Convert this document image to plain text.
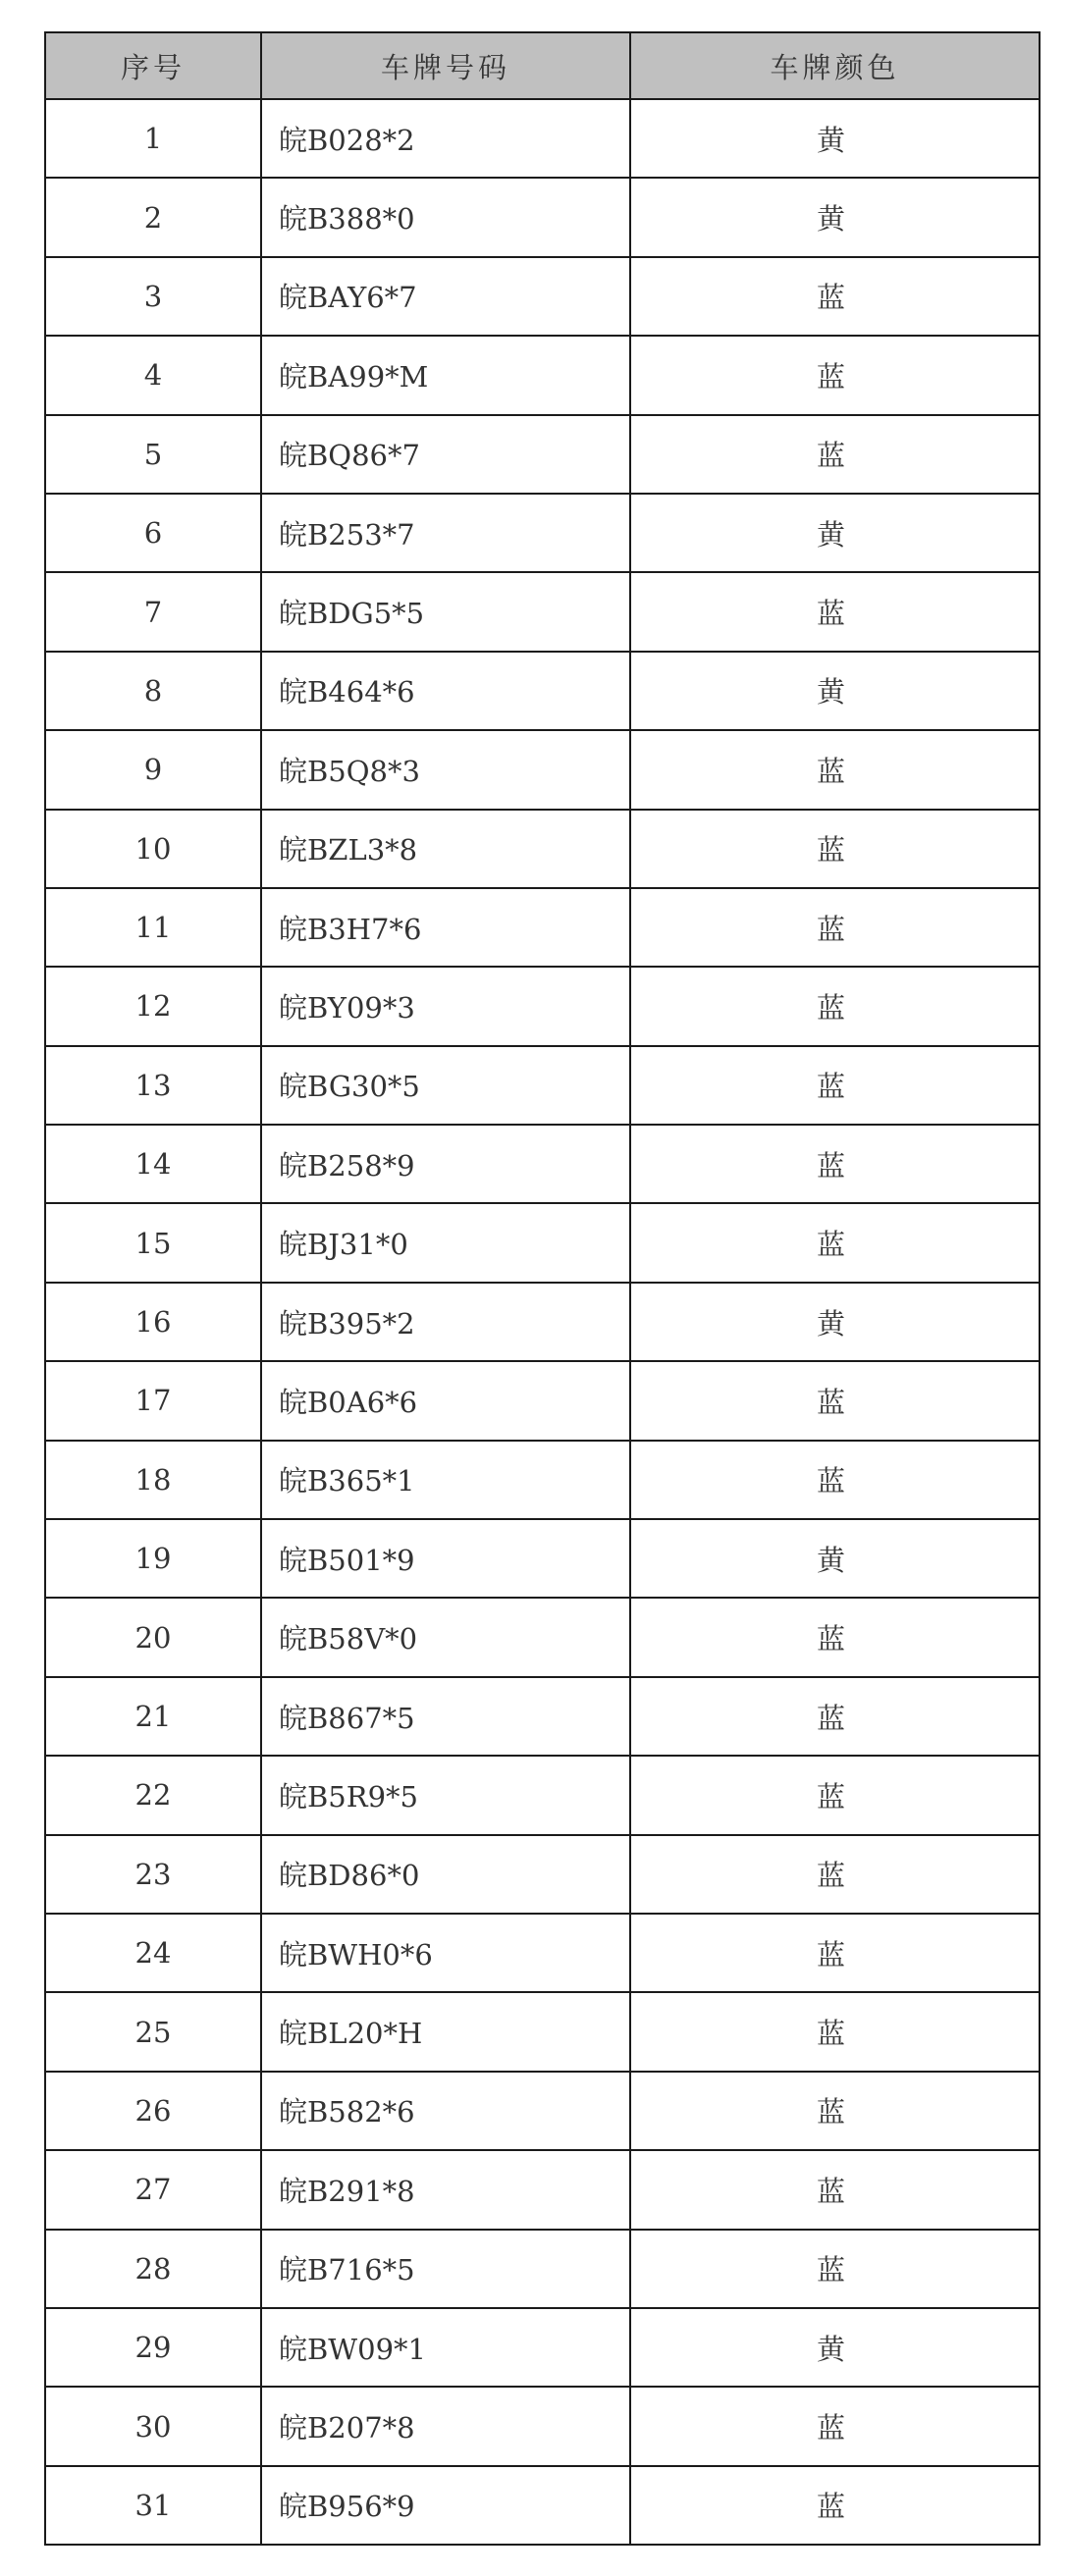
序号	车牌号码	车牌颜色
1	皖B028*2	黄
2	皖B388*0	黄
3	皖BAY6*7	蓝
4	皖BA99*M	蓝
5	皖BQ86*7	蓝
6	皖B253*7	黄
7	皖BDG5*5	蓝
8	皖B464*6	黄
9	皖B5Q8*3	蓝
10	皖BZL3*8	蓝
11	皖B3H7*6	蓝
12	皖BY09*3	蓝
13	皖BG30*5	蓝
14	皖B258*9	蓝
15	皖BJ31*0	蓝
16	皖B395*2	黄
17	皖B0A6*6	蓝
18	皖B365*1	蓝
19	皖B501*9	黄
20	皖B58V*0	蓝
21	皖B867*5	蓝
22	皖B5R9*5	蓝
23	皖BD86*0	蓝
24	皖BWH0*6	蓝
25	皖BL20*H	蓝
26	皖B582*6	蓝
27	皖B291*8	蓝
28	皖B716*5	蓝
29	皖BW09*1	黄
30	皖B207*8	蓝
31	皖B956*9	蓝
